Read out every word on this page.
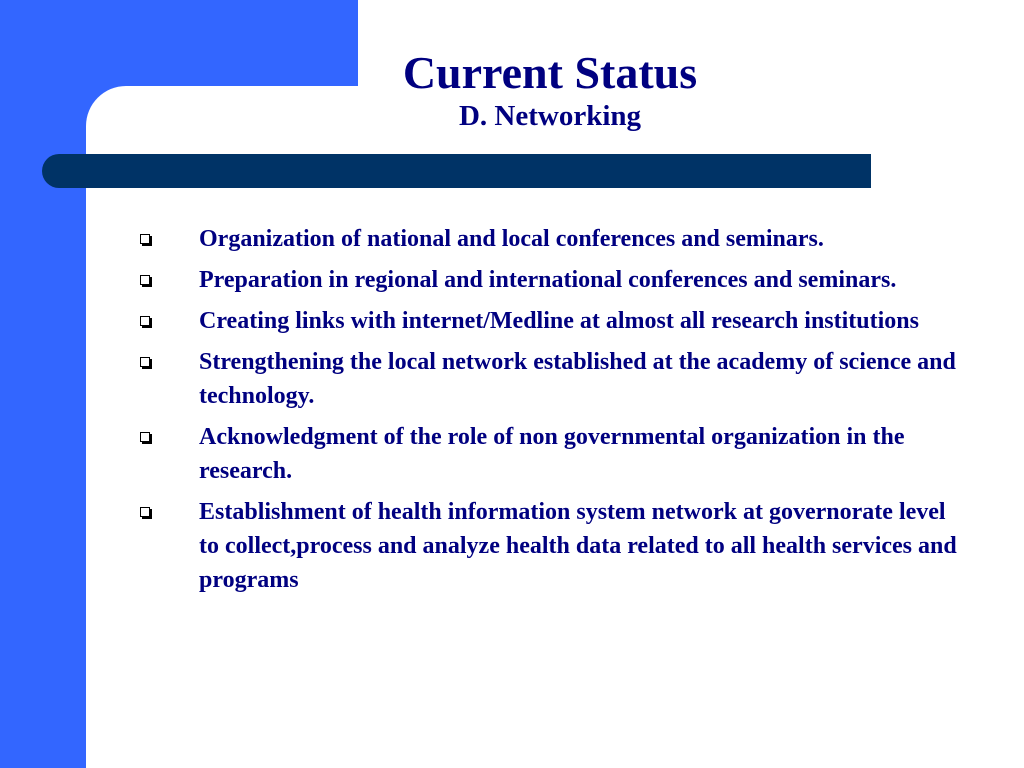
Current Status
D. Networking
Organization of national and local conferences and seminars.
Preparation in regional and international conferences and seminars.
Creating links with internet/Medline at almost all research institutions
Strengthening the local network established at the academy of science and technology.
Acknowledgment of the role of non governmental organization in the research.
Establishment of health information system network at governorate level to collect,process and analyze health data related to all health services and programs
